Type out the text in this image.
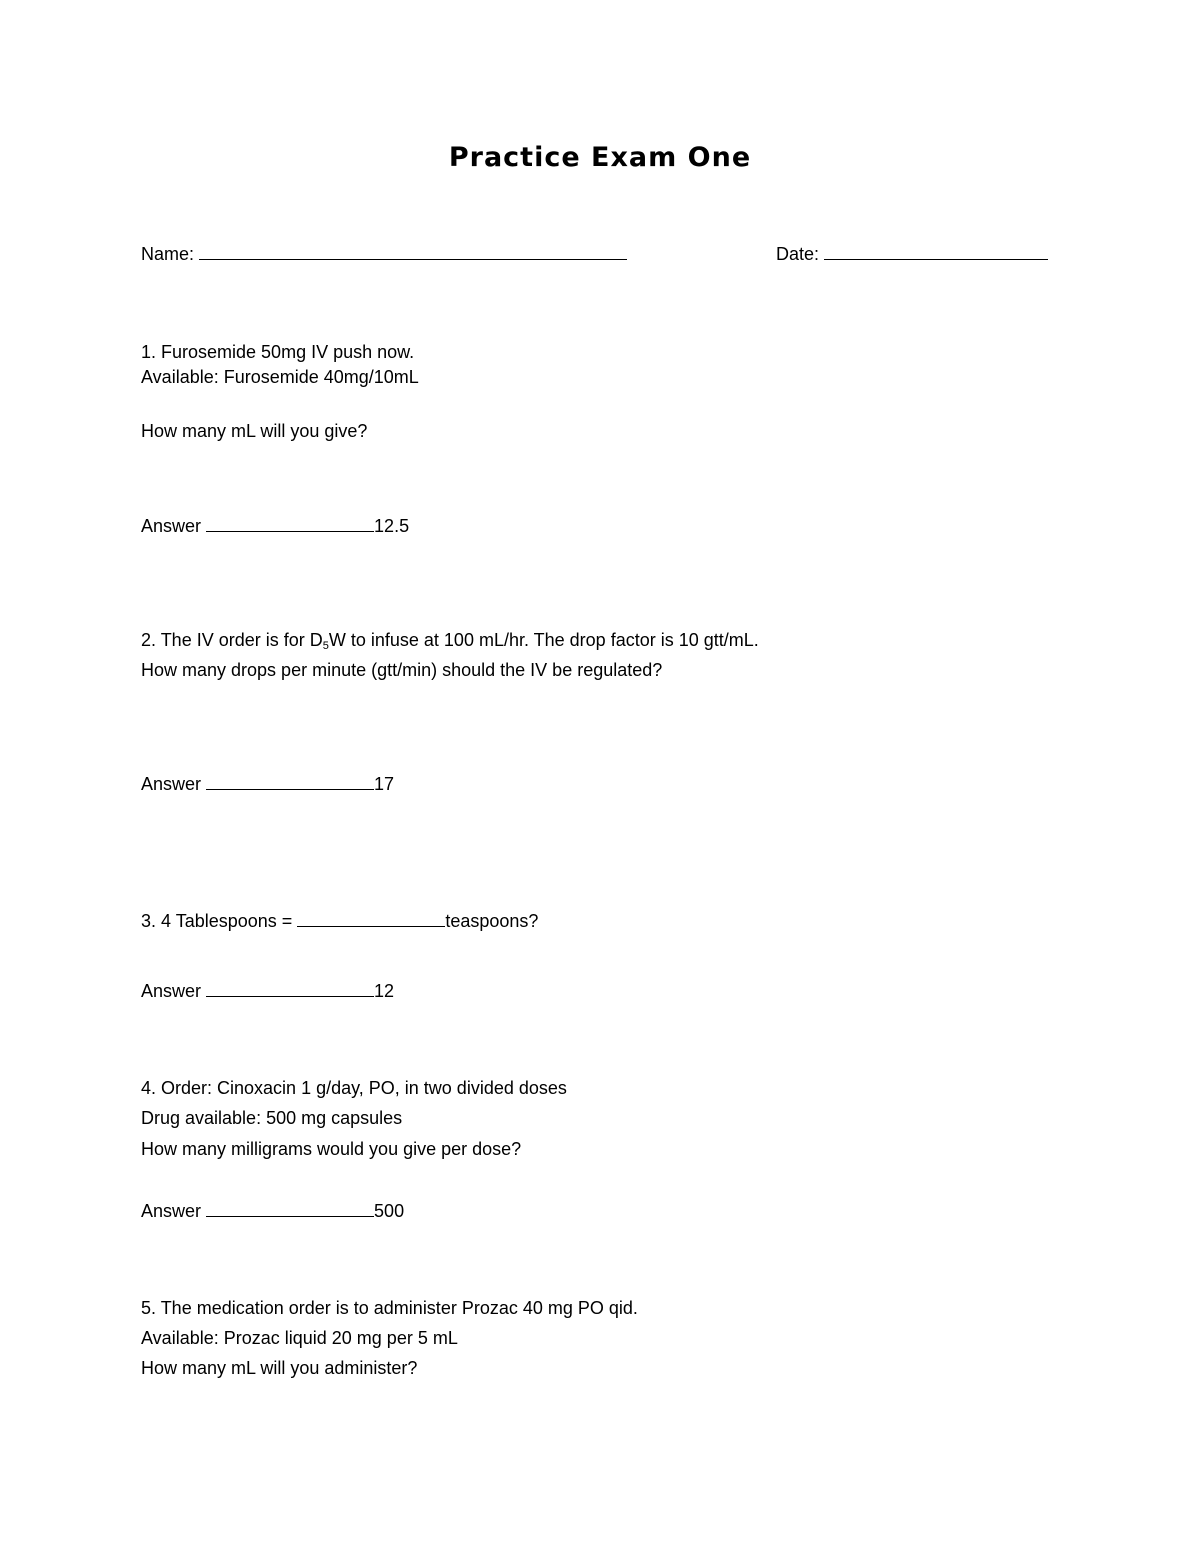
Practice Exam One
Name:	Date:
1. Furosemide 50mg IV push now.
Available: Furosemide 40mg/10mL
How many mL will you give?
Answer	12.5
2. The IV order is for $D_5W$ to infuse at 100 mL/hr. The drop factor is 10 gtt/mL.
How many drops per minute (gtt/min) should the IV be regulated?
Answer	17
3. 4 Tablespoons =	teaspoons?
Answer	12
4. Order: Cinoxacin 1 g/day, PO, in two divided doses
Drug available: 500 mg capsules
How many milligrams would you give per dose?
Answer	500
5. The medication order is to administer Prozac 40 mg PO qid.
Available: Prozac liquid 20 mg per 5 mL
How many mL will you administer?
